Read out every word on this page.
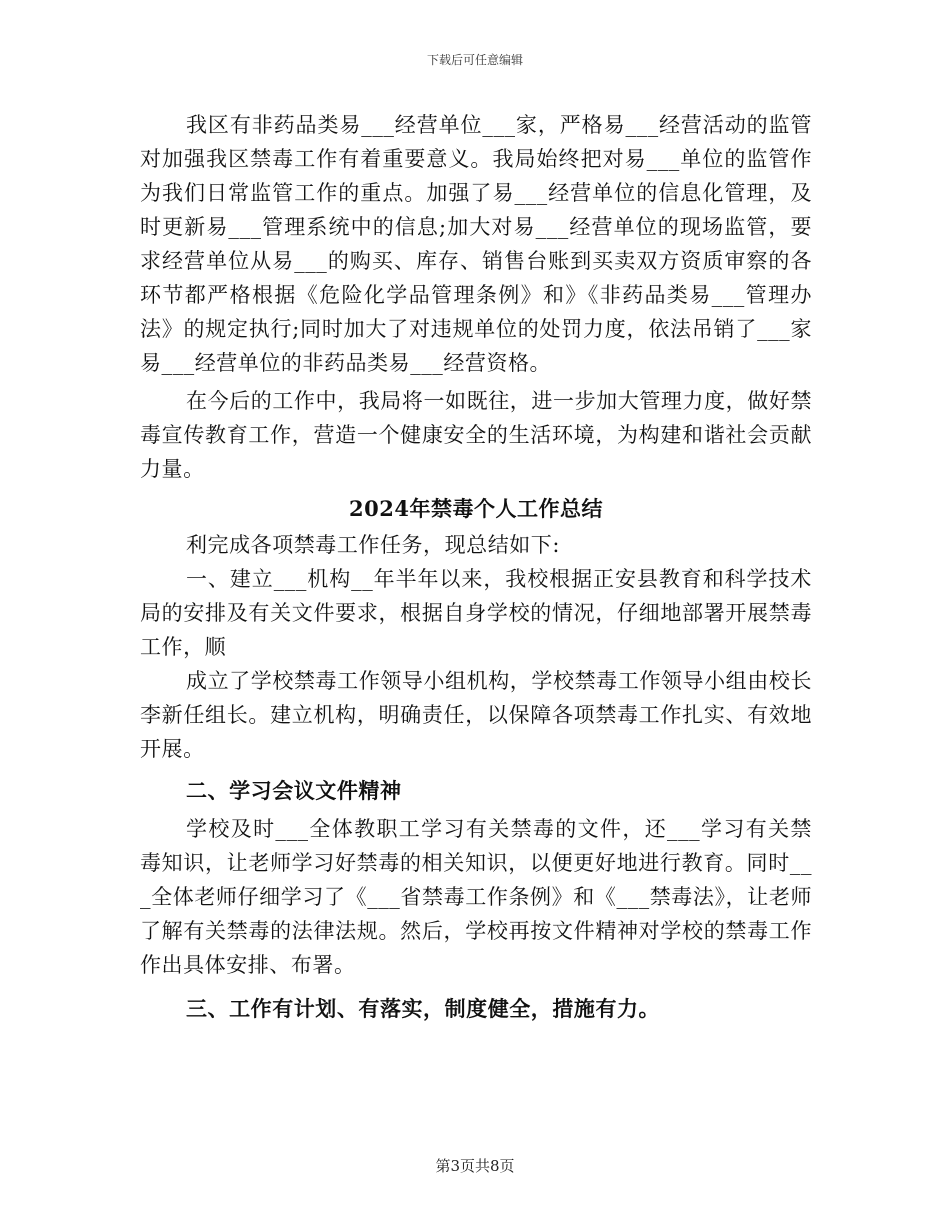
下载后可任意编辑

我区有非药品类易___经营单位___家，严格易___经营活动的监管对加强我区禁毒工作有着重要意义。我局始终把对易___单位的监管作为我们日常监管工作的重点。加强了易___经营单位的信息化管理，及时更新易___管理系统中的信息;加大对易___经营单位的现场监管，要求经营单位从易___的购买、库存、销售台账到买卖双方资质审察的各环节都严格根据《危险化学品管理条例》和》《非药品类易___管理办法》的规定执行;同时加大了对违规单位的处罚力度，依法吊销了___家易___经营单位的非药品类易___经营资格。

在今后的工作中，我局将一如既往，进一步加大管理力度，做好禁毒宣传教育工作，营造一个健康安全的生活环境，为构建和谐社会贡献力量。

2024年禁毒个人工作总结

利完成各项禁毒工作任务，现总结如下:

一、建立___机构__年半年以来，我校根据正安县教育和科学技术局的安排及有关文件要求，根据自身学校的情况，仔细地部署开展禁毒工作，顺

成立了学校禁毒工作领导小组机构，学校禁毒工作领导小组由校长李新任组长。建立机构，明确责任，以保障各项禁毒工作扎实、有效地开展。

二、学习会议文件精神

学校及时___全体教职工学习有关禁毒的文件，还___学习有关禁毒知识，让老师学习好禁毒的相关知识，以便更好地进行教育。同时___全体老师仔细学习了《___省禁毒工作条例》和《___禁毒法》，让老师了解有关禁毒的法律法规。然后，学校再按文件精神对学校的禁毒工作作出具体安排、布署。

三、工作有计划、有落实，制度健全，措施有力。
第3页共8页
